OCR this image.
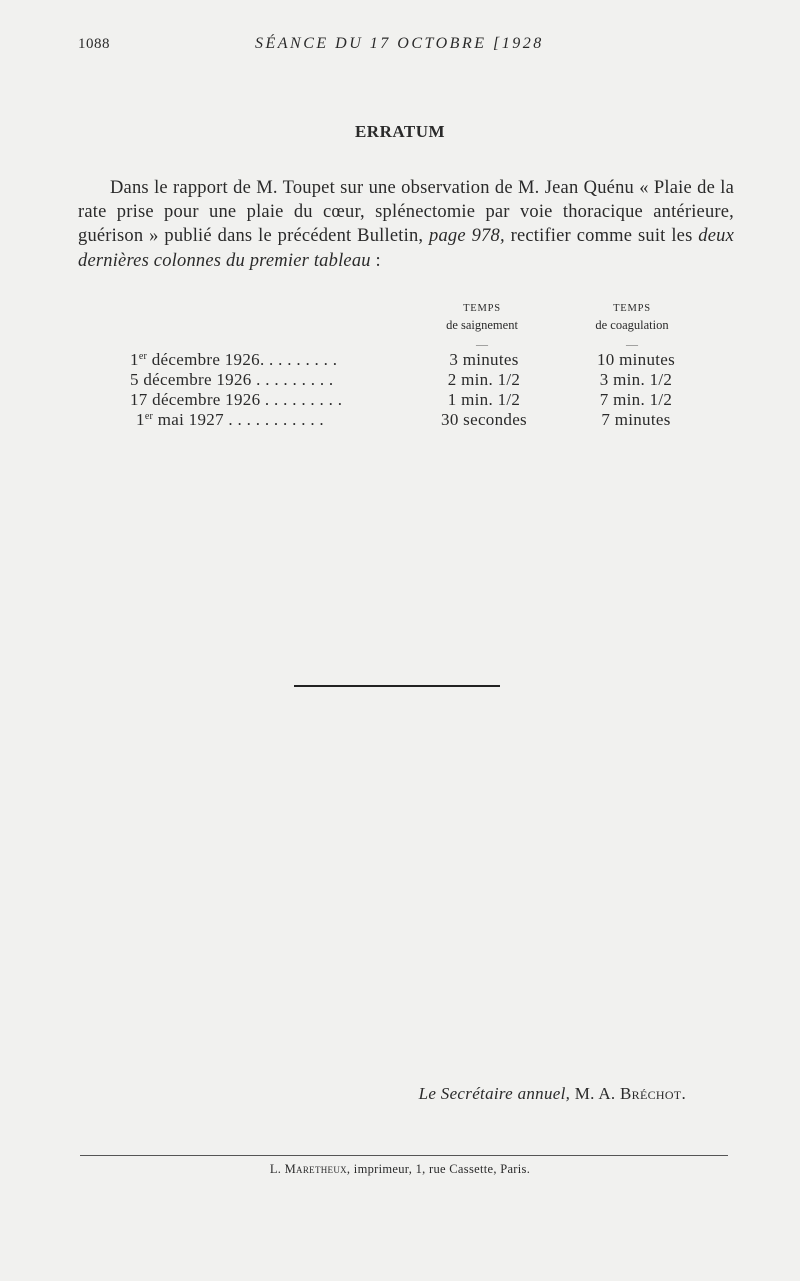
1088	SÉANCE DU 17 OCTOBRE [1928
ERRATUM
Dans le rapport de M. Toupet sur une observation de M. Jean Quénu « Plaie de la rate prise pour une plaie du cœur, splénectomie par voie thoracique antérieure, guérison » publié dans le précédent Bulletin, page 978, rectifier comme suit les deux dernières colonnes du premier tableau :
TEMPS
de saignement
—
TEMPS
de coagulation
—
1er décembre 1926. . . . . . . . .	3 minutes	10 minutes
5 décembre 1926 . . . . . . . . .	2 min. 1/2	3 min. 1/2
17 décembre 1926 . . . . . . . . .	1 min. 1/2	7 min. 1/2
1er mai 1927 . . . . . . . . . . .	30 secondes	7 minutes
Le Secrétaire annuel, M. A. Bréchot.
L. Maretheux, imprimeur, 1, rue Cassette, Paris.
